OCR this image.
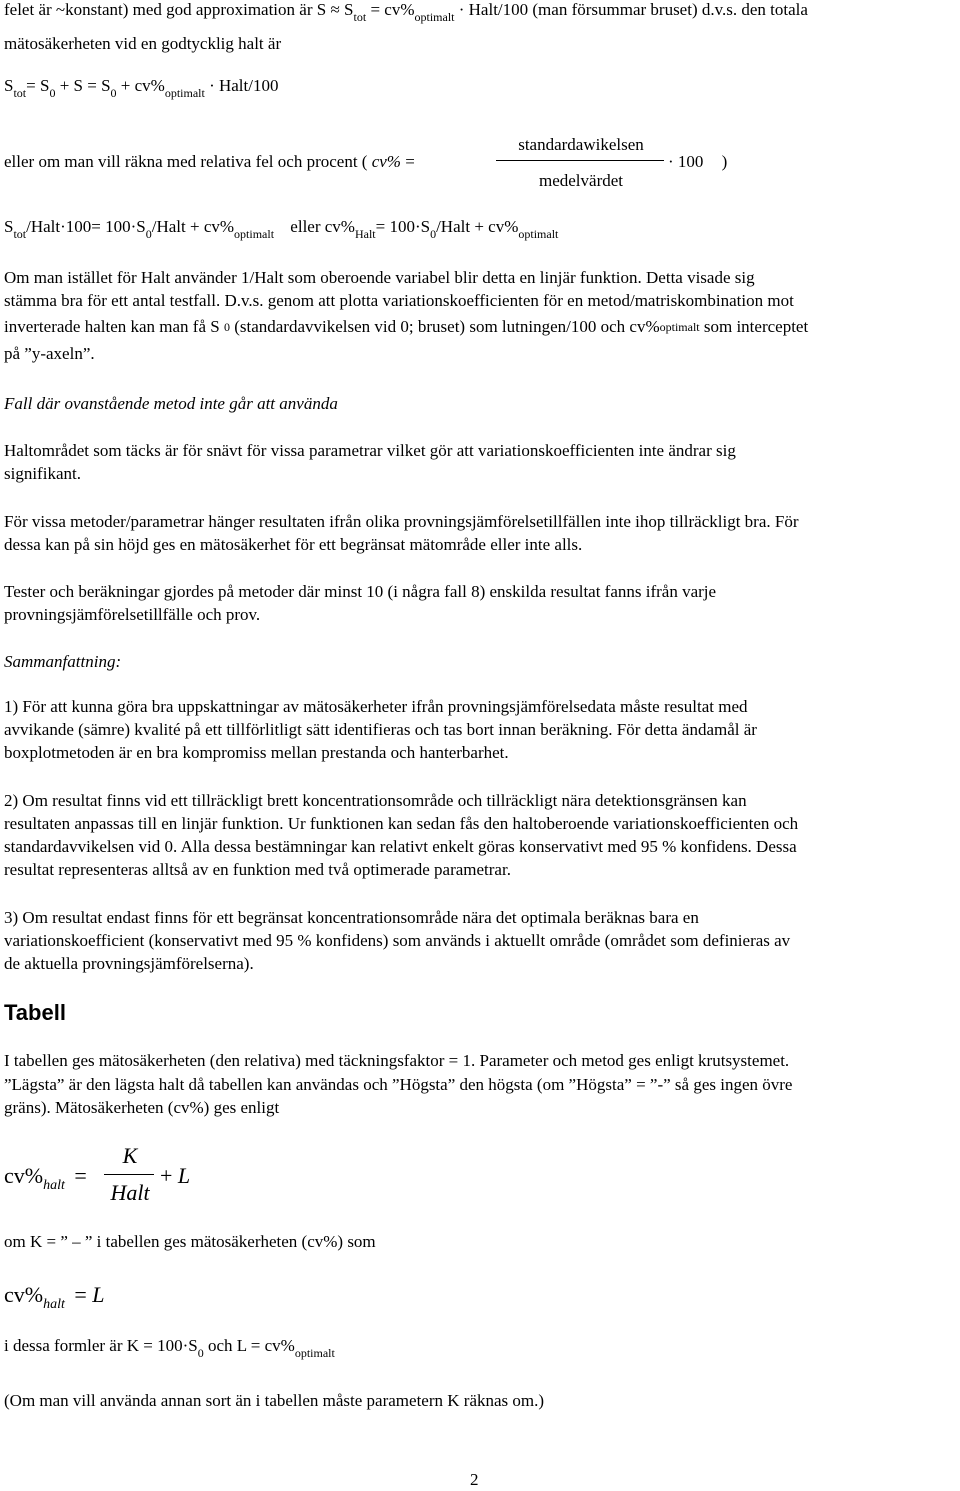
felet är ~konstant) med god approximation är $S \approx S_{tot} = cv\%_{optimalt}$ · Halt/100 (man försummar bruset) d.v.s. den totala
mätosäkerheten vid en godtycklig halt är
$S_{tot}= S_0 + S = S_0 + cv\%_{optimalt}$ · Halt/100
eller om man vill räkna med relativa fel och procent ( cv% =
standardawikelsen
medelvärdet
· 100 )
$S_{tot}/Halt\cdot 100=$ $100\cdot S_0$/Halt + $cv\%_{optimalt}$ eller $cv\%_{Halt}=$ $100\cdot S_0$/Halt + $cv\%_{optimalt}$
Om man istället för Halt använder 1/Halt som oberoende variabel blir detta en linjär funktion. Detta visade sig
stämma bra för ett antal testfall. D.v.s. genom att plotta variationskoefficienten för en metod/matriskombination mot
inverterade halten kan man få S
0
(standardavvikelsen vid 0; bruset) som lutningen/100 och cv% optimalt
som interceptet
på ”y-axeln”.
Fall där ovanstående metod inte går att använda
Haltområdet som täcks är för snävt för vissa parametrar vilket gör att variationskoefficienten inte ändrar sig
signifikant.
För vissa metoder/parametrar hänger resultaten ifrån olika provningsjämförelsetillfällen inte ihop tillräckligt bra. För
dessa kan på sin höjd ges en mätosäkerhet för ett begränsat mätområde eller inte alls.
Tester och beräkningar gjordes på metoder där minst 10 (i några fall 8) enskilda resultat fanns ifrån varje
provningsjämförelsetillfälle och prov.
Sammanfattning:
1) För att kunna göra bra uppskattningar av mätosäkerheter ifrån provningsjämförelsedata måste resultat med
avvikande (sämre) kvalité på ett tillförlitligt sätt identifieras och tas bort innan beräkning. För detta ändamål är
boxplotmetoden är en bra kompromiss mellan prestanda och hanterbarhet.
2) Om resultat finns vid ett tillräckligt brett koncentrationsområde och tillräckligt nära detektionsgränsen kan
resultaten anpassas till en linjär funktion. Ur funktionen kan sedan fås den haltoberoende variationskoefficienten och
standardavvikelsen vid 0. Alla dessa bestämningar kan relativt enkelt göras konservativt med 95 % konfidens. Dessa
resultat representeras alltså av en funktion med två optimerade parametrar.
3) Om resultat endast finns för ett begränsat koncentrationsområde nära det optimala beräknas bara en
variationskoefficient (konservativt med 95 % konfidens) som används i aktuellt område (området som definieras av
de aktuella provningsjämförelserna).
Tabell
I tabellen ges mätosäkerheten (den relativa) med täckningsfaktor = 1. Parameter och metod ges enligt krutsystemet.
”Lägsta” är den lägsta halt då tabellen kan användas och ”Högsta” den högsta (om ”Högsta” = ”-” så ges ingen övre
gräns). Mätosäkerheten (cv%) ges enligt
$cv\%_{halt}$ =
K
Halt
+ L
om K = ” – ” i tabellen ges mätosäkerheten (cv%) som
$cv\%_{halt} = L$
i dessa formler är $K = 100\cdot S_0$ och $L = cv\%_{optimalt}$
(Om man vill använda annan sort än i tabellen måste parametern K räknas om.)
2
